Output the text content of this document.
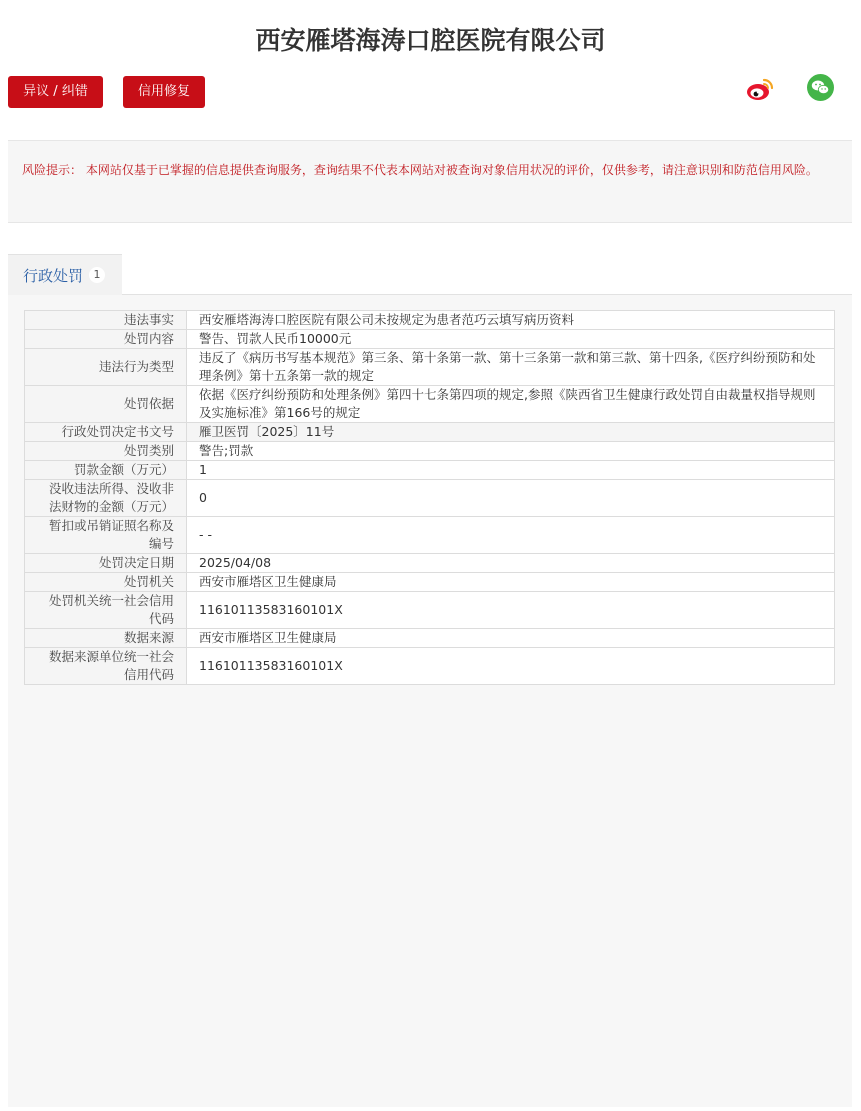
西安雁塔海涛口腔医院有限公司
异议 / 纠错	信用修复
风险提示： 本网站仅基于已掌握的信息提供查询服务，查询结果不代表本网站对被查询对象信用状况的评价，仅供参考，请注意识别和防范信用风险。
行政处罚 1
违法事实	西安雁塔海涛口腔医院有限公司未按规定为患者范巧云填写病历资料
处罚内容	警告、罚款人民币10000元
违法行为类型	违反了《病历书写基本规范》第三条、第十条第一款、第十三条第一款和第三款、第十四条,《医疗纠纷预防和处理条例》第十五条第一款的规定
处罚依据	依据《医疗纠纷预防和处理条例》第四十七条第四项的规定,参照《陕西省卫生健康行政处罚自由裁量权指导规则及实施标准》第166号的规定
行政处罚决定书文号	雁卫医罚〔2025〕11号
处罚类别	警告;罚款
罚款金额（万元）	1
没收违法所得、没收非法财物的金额（万元）	0
暂扣或吊销证照名称及编号	- -
处罚决定日期	2025/04/08
处罚机关	西安市雁塔区卫生健康局
处罚机关统一社会信用代码	11610113583160101X
数据来源	西安市雁塔区卫生健康局
数据来源单位统一社会信用代码	11610113583160101X
